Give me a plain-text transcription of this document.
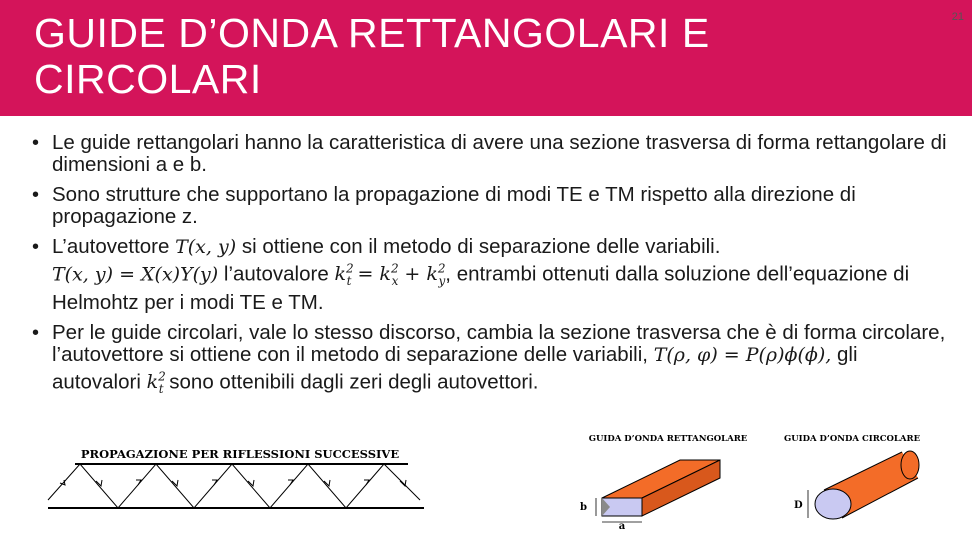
GUIDE D’ONDA RETTANGOLARI E CIRCOLARI
21
• Le guide rettangolari hanno la caratteristica di avere una sezione trasversa di forma rettangolare di dimensioni a e b.
• Sono strutture che supportano la propagazione di modi TE e TM rispetto alla direzione di propagazione z.
• L’autovettore T(x, y) si ottiene con il metodo di separazione delle variabili.
T(x, y) = X(x)Y(y) l’autovalore $k^2_t = k^2_x + k^2_y$, entrambi ottenuti dalla soluzione dell’equazione di Helmohtz per i modi TE e TM.
• Per le guide circolari, vale lo stesso discorso, cambia la sezione trasversa che è di forma circolare, l’autovettore si ottiene con il metodo di separazione delle variabili, T(ρ, φ) = P(ρ)ϕ(ϕ), gli autovalori $k^2_t$ sono ottenibili dagli zeri degli autovettori.
PROPAGAZIONE PER RIFLESSIONI SUCCESSIVE
GUIDA D’ONDA RETTANGOLARE
b
a
GUIDA D’ONDA CIRCOLARE
D
